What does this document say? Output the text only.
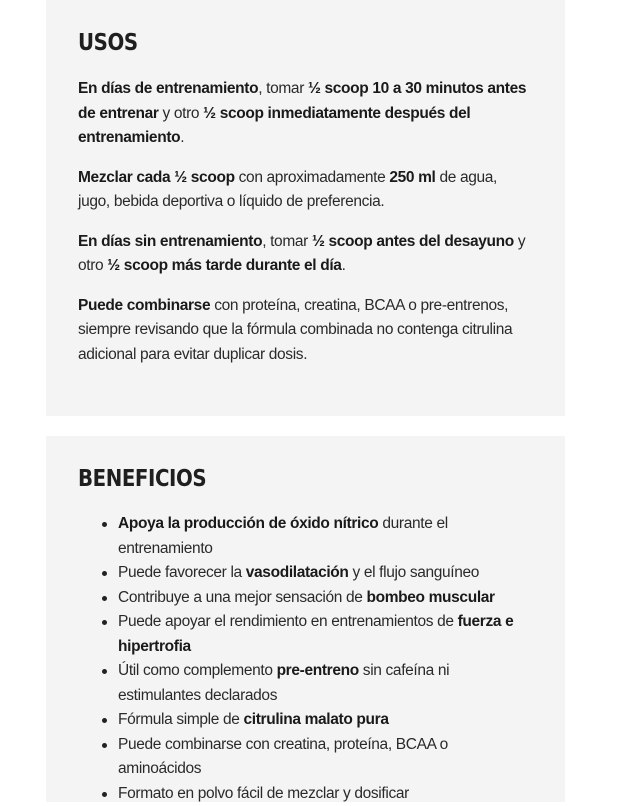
USOS

En días de entrenamiento, tomar ½ scoop 10 a 30 minutos antes de entrenar y otro ½ scoop inmediatamente después del entrenamiento.

Mezclar cada ½ scoop con aproximadamente 250 ml de agua, jugo, bebida deportiva o líquido de preferencia.

En días sin entrenamiento, tomar ½ scoop antes del desayuno y otro ½ scoop más tarde durante el día.

Puede combinarse con proteína, creatina, BCAA o pre-entrenos, siempre revisando que la fórmula combinada no contenga citrulina adicional para evitar duplicar dosis.

BENEFICIOS
Apoya la producción de óxido nítrico durante el entrenamiento
Puede favorecer la vasodilatación y el flujo sanguíneo
Contribuye a una mejor sensación de bombeo muscular
Puede apoyar el rendimiento en entrenamientos de fuerza e hipertrofia
Útil como complemento pre-entreno sin cafeína ni estimulantes declarados
Fórmula simple de citrulina malato pura
Puede combinarse con creatina, proteína, BCAA o aminoácidos
Formato en polvo fácil de mezclar y dosificar
